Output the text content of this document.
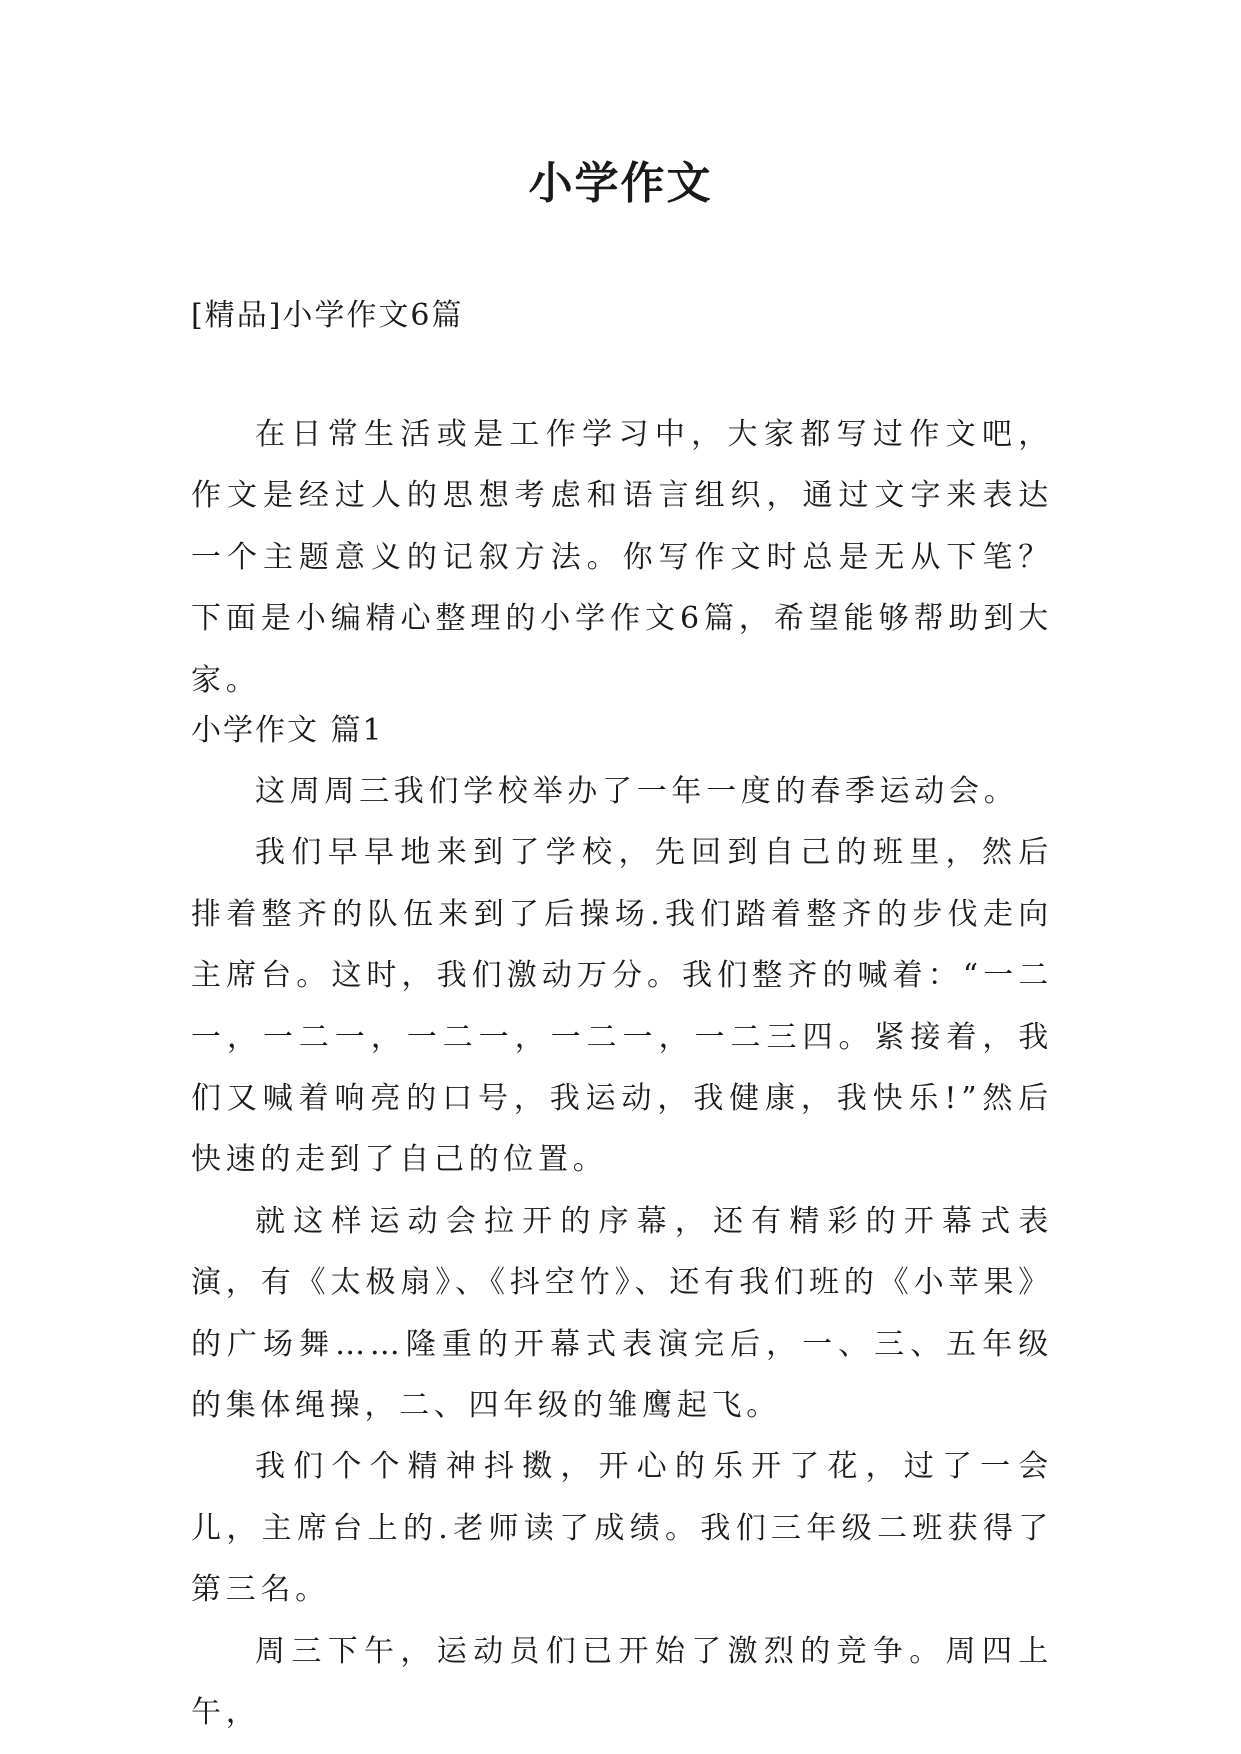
小学作文

[精品]小学作文6篇

在日常生活或是工作学习中，大家都写过作文吧，作文是经过人的思想考虑和语言组织，通过文字来表达一个主题意义的记叙方法。你写作文时总是无从下笔？下面是小编精心整理的小学作文6篇，希望能够帮助到大家。

小学作文 篇1

这周周三我们学校举办了一年一度的春季运动会。

我们早早地来到了学校，先回到自己的班里，然后排着整齐的队伍来到了后操场.我们踏着整齐的步伐走向主席台。这时，我们激动万分。我们整齐的喊着：“一二一，一二一，一二一，一二一，一二三四。紧接着，我们又喊着响亮的口号，我运动，我健康，我快乐!”然后快速的走到了自己的位置。

就这样运动会拉开的序幕，还有精彩的开幕式表演，有《太极扇》、《抖空竹》、还有我们班的《小苹果》的广场舞……隆重的开幕式表演完后，一、三、五年级的集体绳操，二、四年级的雏鹰起飞。

我们个个精神抖擞，开心的乐开了花，过了一会儿，主席台上的.老师读了成绩。我们三年级二班获得了第三名。

周三下午，运动员们已开始了激烈的竞争。周四上午，
